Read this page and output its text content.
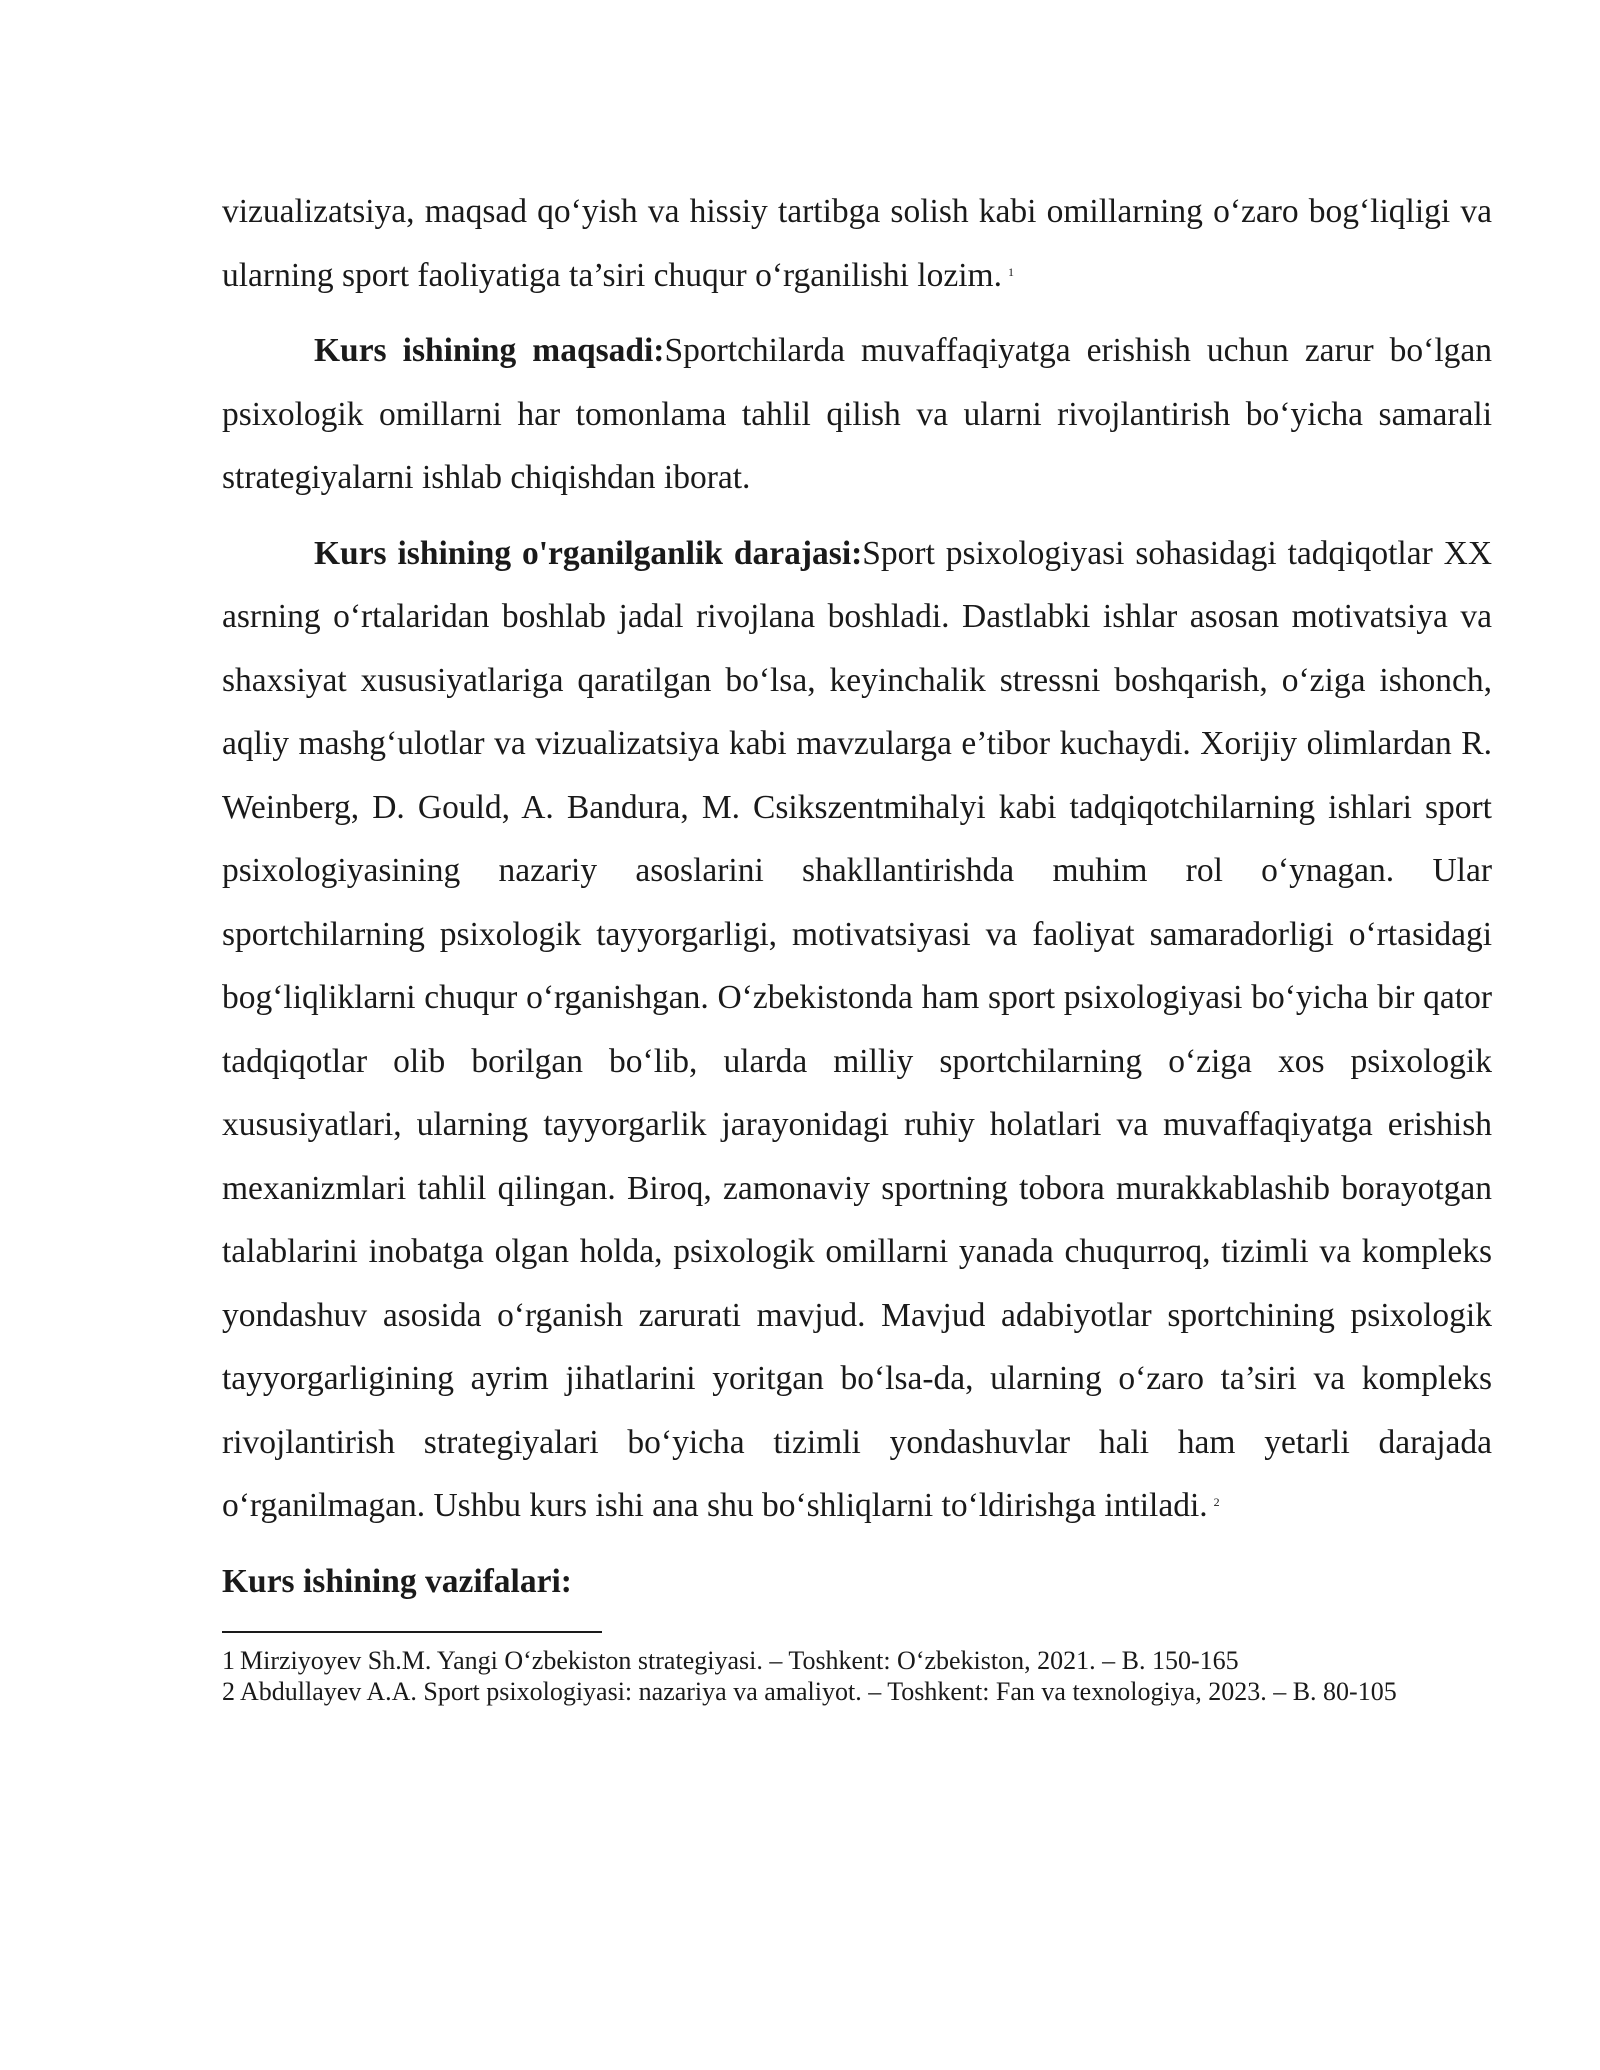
vizualizatsiya, maqsad qo‘yish va hissiy tartibga solish kabi omillarning o‘zaro bog‘liqligi va ularning sport faoliyatiga ta’siri chuqur o‘rganilishi lozim. $^1$

Kurs ishining maqsadi:Sportchilarda muvaffaqiyatga erishish uchun zarur bo‘lgan psixologik omillarni har tomonlama tahlil qilish va ularni rivojlantirish bo‘yicha samarali strategiyalarni ishlab chiqishdan iborat.

Kurs ishining o'rganilganlik darajasi:Sport psixologiyasi sohasidagi tadqiqotlar XX asrning o‘rtalaridan boshlab jadal rivojlana boshladi. Dastlabki ishlar asosan motivatsiya va shaxsiyat xususiyatlariga qaratilgan bo‘lsa, keyinchalik stressni boshqarish, o‘ziga ishonch, aqliy mashg‘ulotlar va vizualizatsiya kabi mavzularga e’tibor kuchaydi. Xorijiy olimlardan R. Weinberg, D. Gould, A. Bandura, M. Csikszentmihalyi kabi tadqiqotchilarning ishlari sport psixologiyasining nazariy asoslarini shakllantirishda muhim rol o‘ynagan. Ular sportchilarning psixologik tayyorgarligi, motivatsiyasi va faoliyat samaradorligi o‘rtasidagi bog‘liqliklarni chuqur o‘rganishgan. O‘zbekistonda ham sport psixologiyasi bo‘yicha bir qator tadqiqotlar olib borilgan bo‘lib, ularda milliy sportchilarning o‘ziga xos psixologik xususiyatlari, ularning tayyorgarlik jarayonidagi ruhiy holatlari va muvaffaqiyatga erishish mexanizmlari tahlil qilingan. Biroq, zamonaviy sportning tobora murakkablashib borayotgan talablarini inobatga olgan holda, psixologik omillarni yanada chuqurroq, tizimli va kompleks yondashuv asosida o‘rganish zarurati mavjud. Mavjud adabiyotlar sportchining psixologik tayyorgarligining ayrim jihatlarini yoritgan bo‘lsa-da, ularning o‘zaro ta’siri va kompleks rivojlantirish strategiyalari bo‘yicha tizimli yondashuvlar hali ham yetarli darajada o‘rganilmagan. Ushbu kurs ishi ana shu bo‘shliqlarni to‘ldirishga intiladi. $^2$

Kurs ishining vazifalari:

1 Mirziyoyev Sh.M. Yangi O‘zbekiston strategiyasi. – Toshkent: O‘zbekiston, 2021. – B. 150-165

2 Abdullayev A.A. Sport psixologiyasi: nazariya va amaliyot. – Toshkent: Fan va texnologiya, 2023. – B. 80-105
